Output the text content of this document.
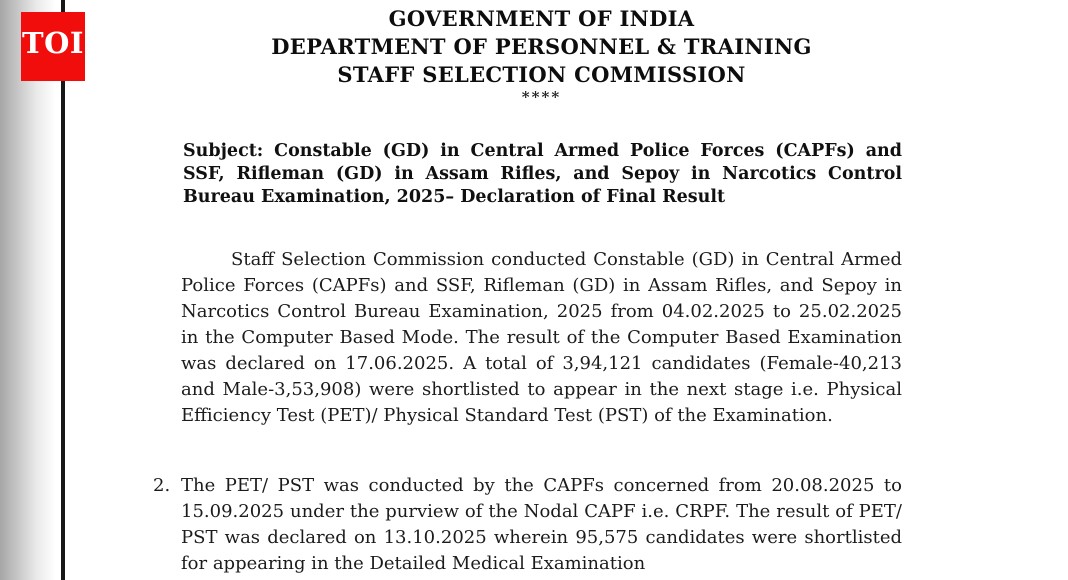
TOI
GOVERNMENT OF INDIA
DEPARTMENT OF PERSONNEL & TRAINING
STAFF SELECTION COMMISSION
****
Subject: Constable (GD) in Central Armed Police Forces (CAPFs) and SSF, Rifleman (GD) in Assam Rifles, and Sepoy in Narcotics Control Bureau Examination, 2025– Declaration of Final Result
Staff Selection Commission conducted Constable (GD) in Central Armed Police Forces (CAPFs) and SSF, Rifleman (GD) in Assam Rifles, and Sepoy in Narcotics Control Bureau Examination, 2025 from 04.02.2025 to 25.02.2025 in the Computer Based Mode. The result of the Computer Based Examination was declared on 17.06.2025. A total of 3,94,121 candidates (Female-40,213 and Male-3,53,908) were shortlisted to appear in the next stage i.e. Physical Efficiency Test (PET)/ Physical Standard Test (PST) of the Examination.
2. The PET/ PST was conducted by the CAPFs concerned from 20.08.2025 to 15.09.2025 under the purview of the Nodal CAPF i.e. CRPF. The result of PET/ PST was declared on 13.10.2025 wherein 95,575 candidates were shortlisted for appearing in the Detailed Medical Examination
